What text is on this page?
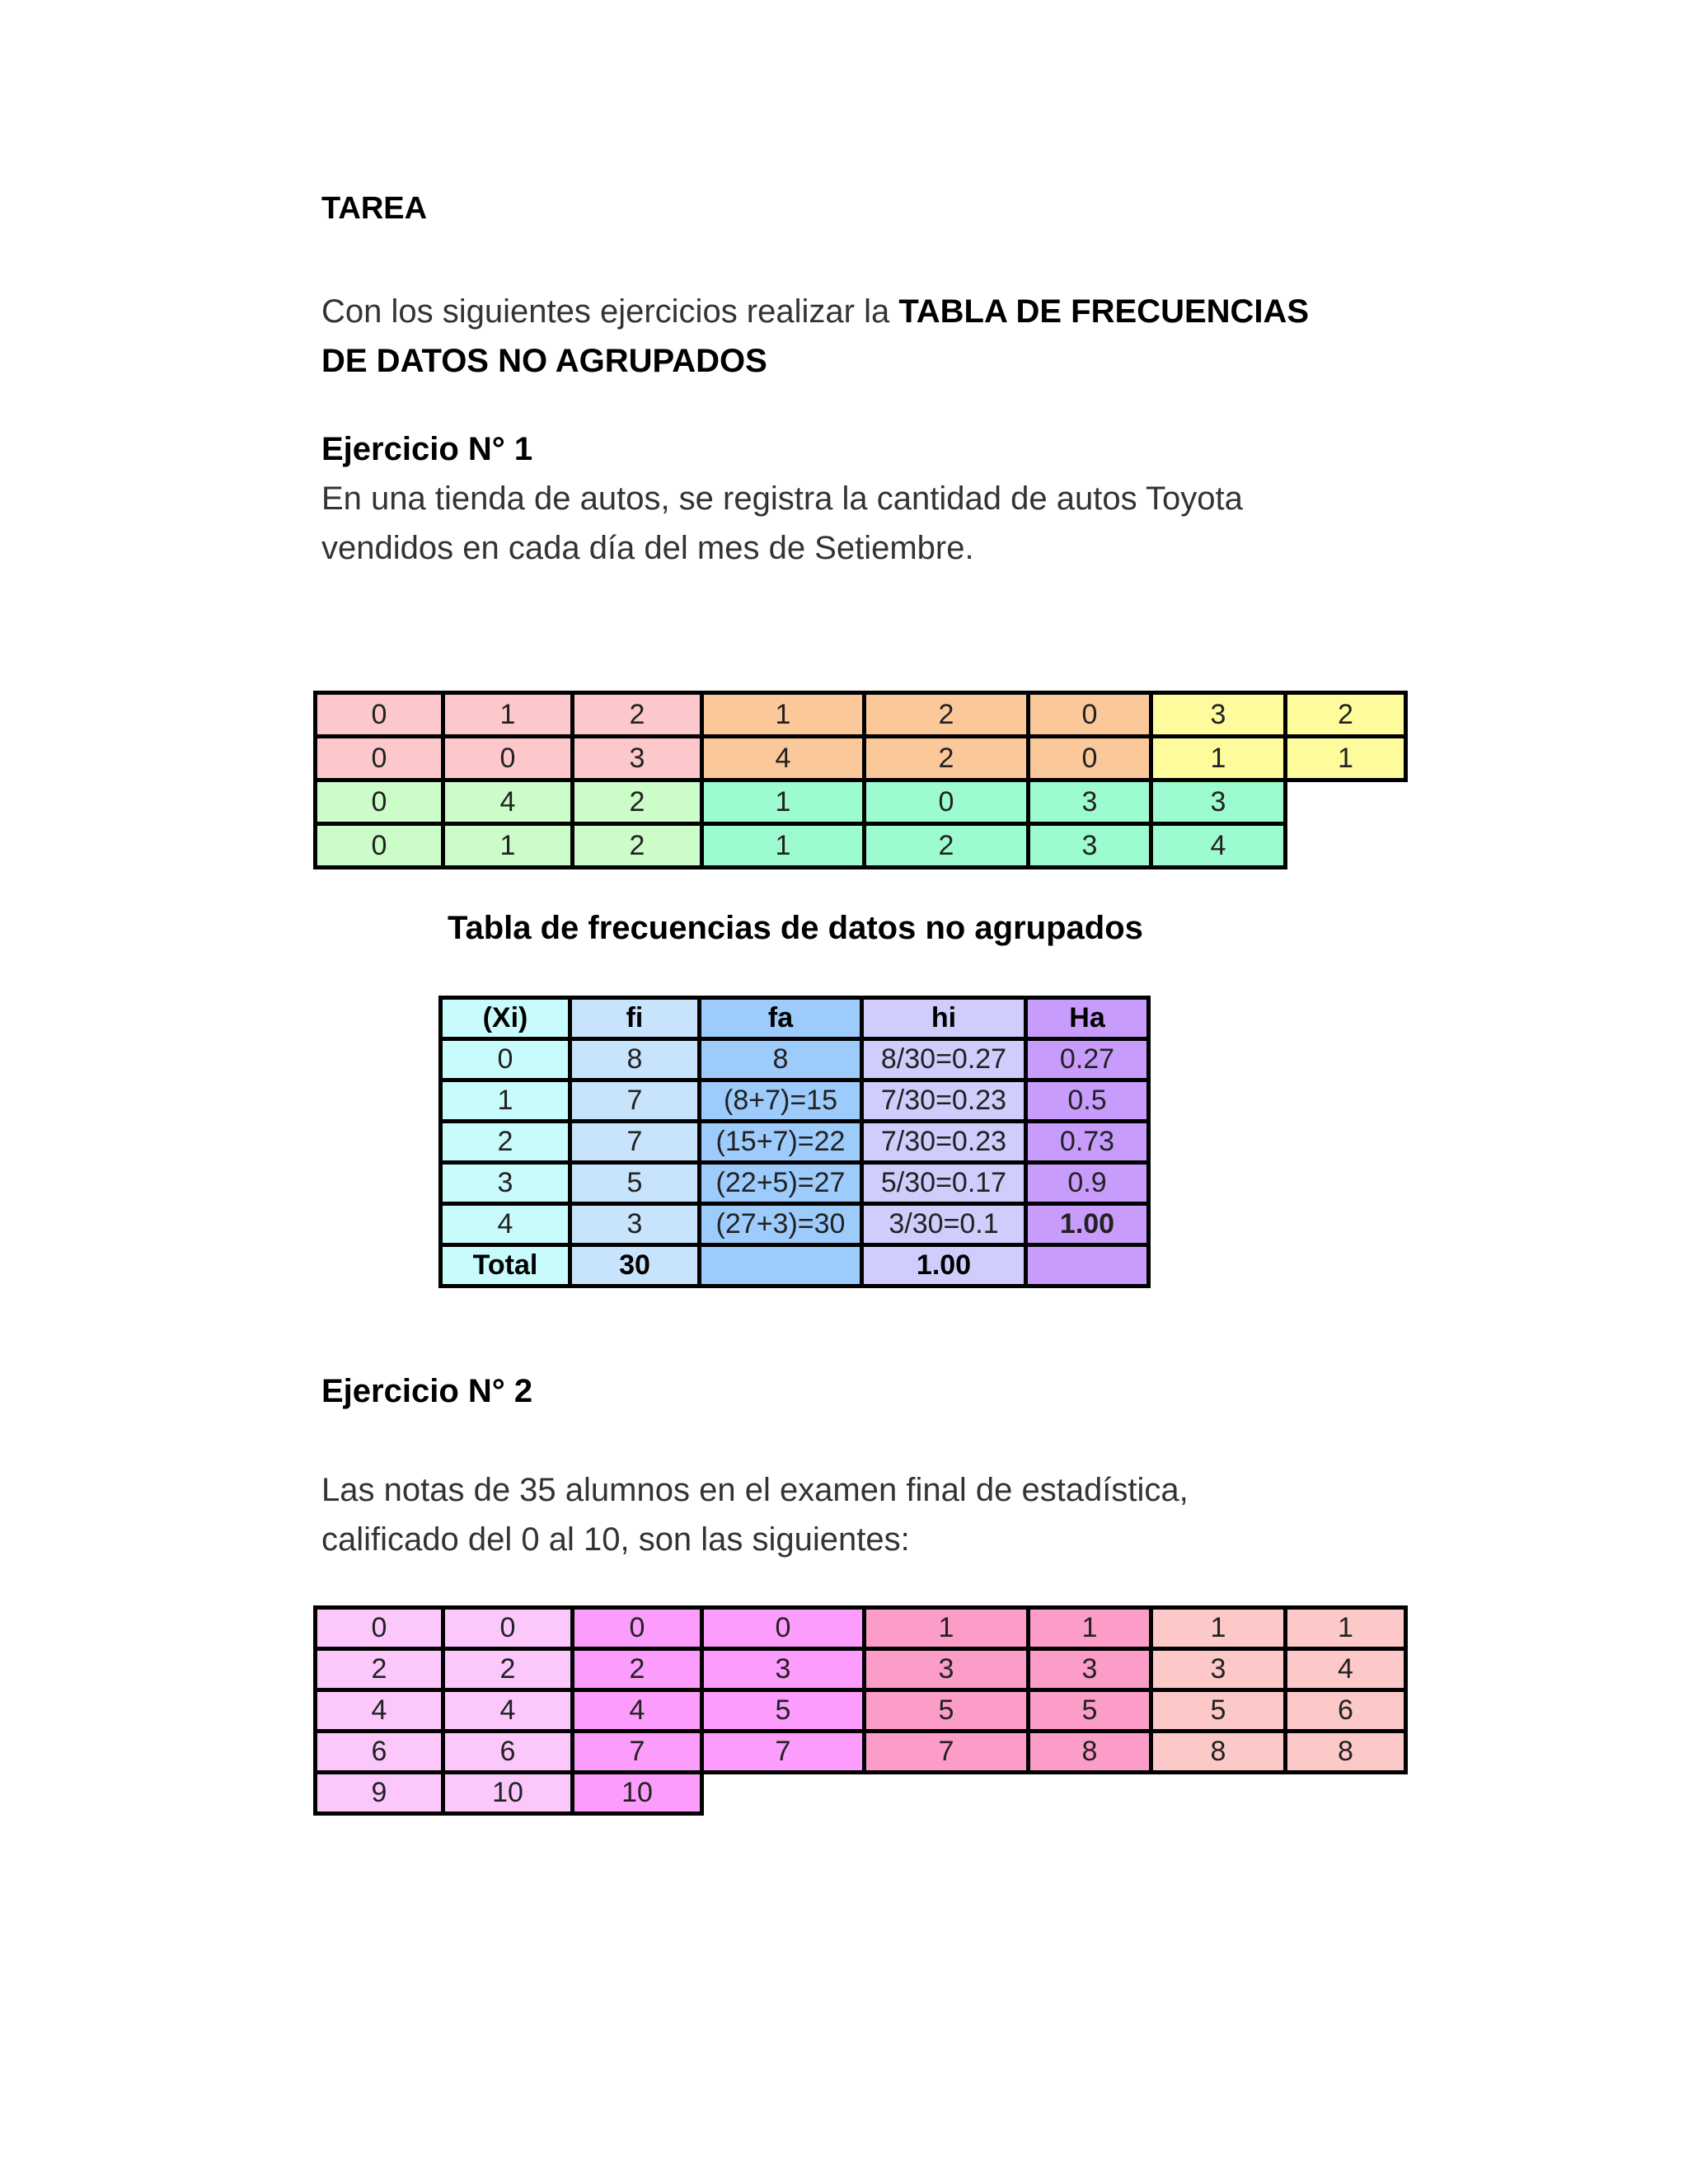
TAREA
Con los siguientes ejercicios realizar la TABLA DE FRECUENCIAS
DE DATOS NO AGRUPADOS
Ejercicio N° 1
En una tienda de autos, se registra la cantidad de autos Toyota
vendidos en cada día del mes de Setiembre.
0	1	2	1	2	0	3	2
0	0	3	4	2	0	1	1
0	4	2	1	0	3	3	
0	1	2	1	2	3	4	
Tabla de frecuencias de datos no agrupados
(Xi)	fi	fa	hi	Ha
0	8	8	8/30=0.27	0.27
1	7	(8+7)=15	7/30=0.23	0.5
2	7	(15+7)=22	7/30=0.23	0.73
3	5	(22+5)=27	5/30=0.17	0.9
4	3	(27+3)=30	3/30=0.1	1.00
Total	30		1.00	
Ejercicio N° 2
Las notas de 35 alumnos en el examen final de estadística,
calificado del 0 al 10, son las siguientes:
0	0	0	0	1	1	1	1
2	2	2	3	3	3	3	4
4	4	4	5	5	5	5	6
6	6	7	7	7	8	8	8
9	10	10					
